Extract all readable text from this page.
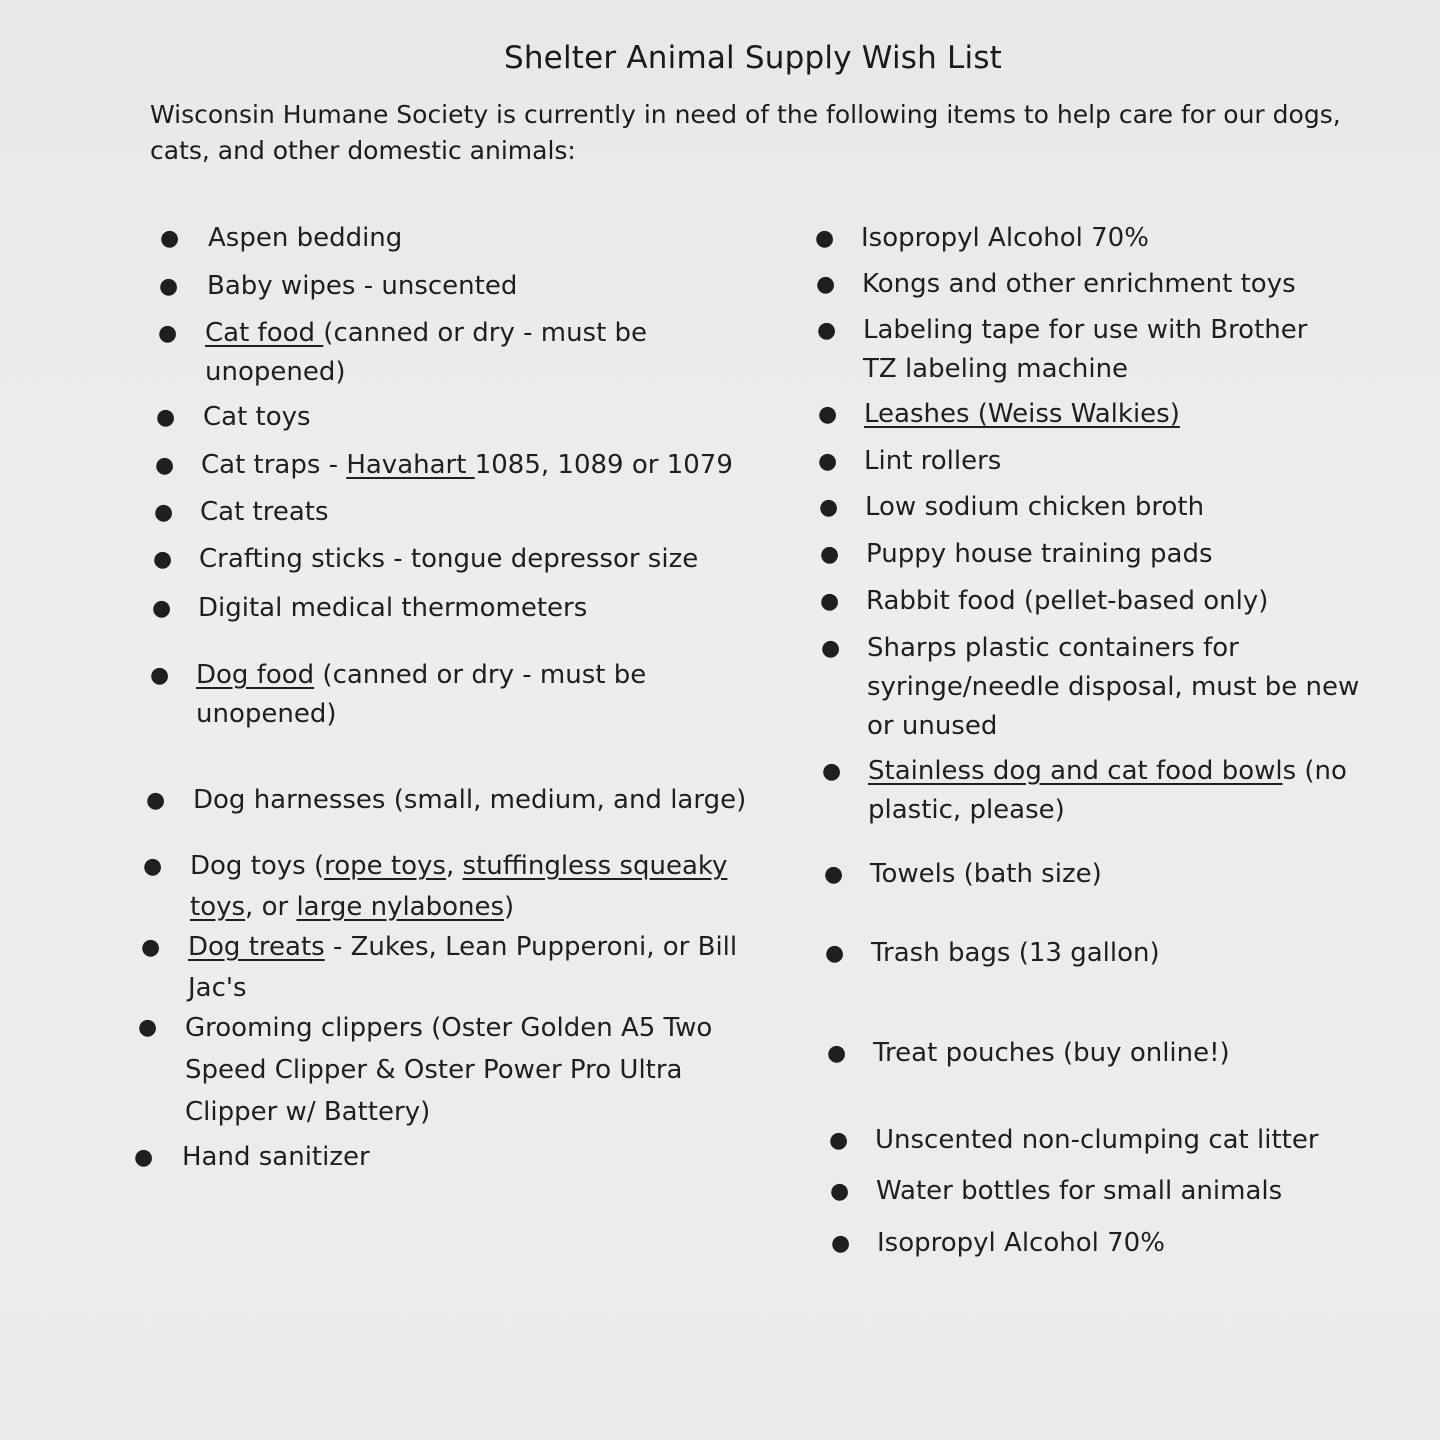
Shelter Animal Supply Wish List
Wisconsin Humane Society is currently in need of the following items to help care for our dogs, cats, and other domestic animals:
●	Aspen bedding
●	Baby wipes - unscented
●	Cat food (canned or dry - must be unopened)
●	Cat toys
●	Cat traps - Havahart 1085, 1089 or 1079
●	Cat treats
●	Crafting sticks - tongue depressor size
●	Digital medical thermometers
●	Dog food (canned or dry - must be unopened)
●	Dog harnesses (small, medium, and large)
●	Dog toys (rope toys, stuffingless squeaky toys, or large nylabones)
●	Dog treats - Zukes, Lean Pupperoni, or Bill Jac's
●	Grooming clippers (Oster Golden A5 Two Speed Clipper & Oster Power Pro Ultra Clipper w/ Battery)
●	Hand sanitizer
●	Isopropyl Alcohol 70%
●	Kongs and other enrichment toys
●	Labeling tape for use with Brother TZ labeling machine
●	Leashes (Weiss Walkies)
●	Lint rollers
●	Low sodium chicken broth
●	Puppy house training pads
●	Rabbit food (pellet-based only)
●	Sharps plastic containers for syringe/needle disposal, must be new or unused
●	Stainless dog and cat food bowls (no plastic, please)
●	Towels (bath size)
●	Trash bags (13 gallon)
●	Treat pouches (buy online!)
●	Unscented non-clumping cat litter
●	Water bottles for small animals
●	Isopropyl Alcohol 70%
